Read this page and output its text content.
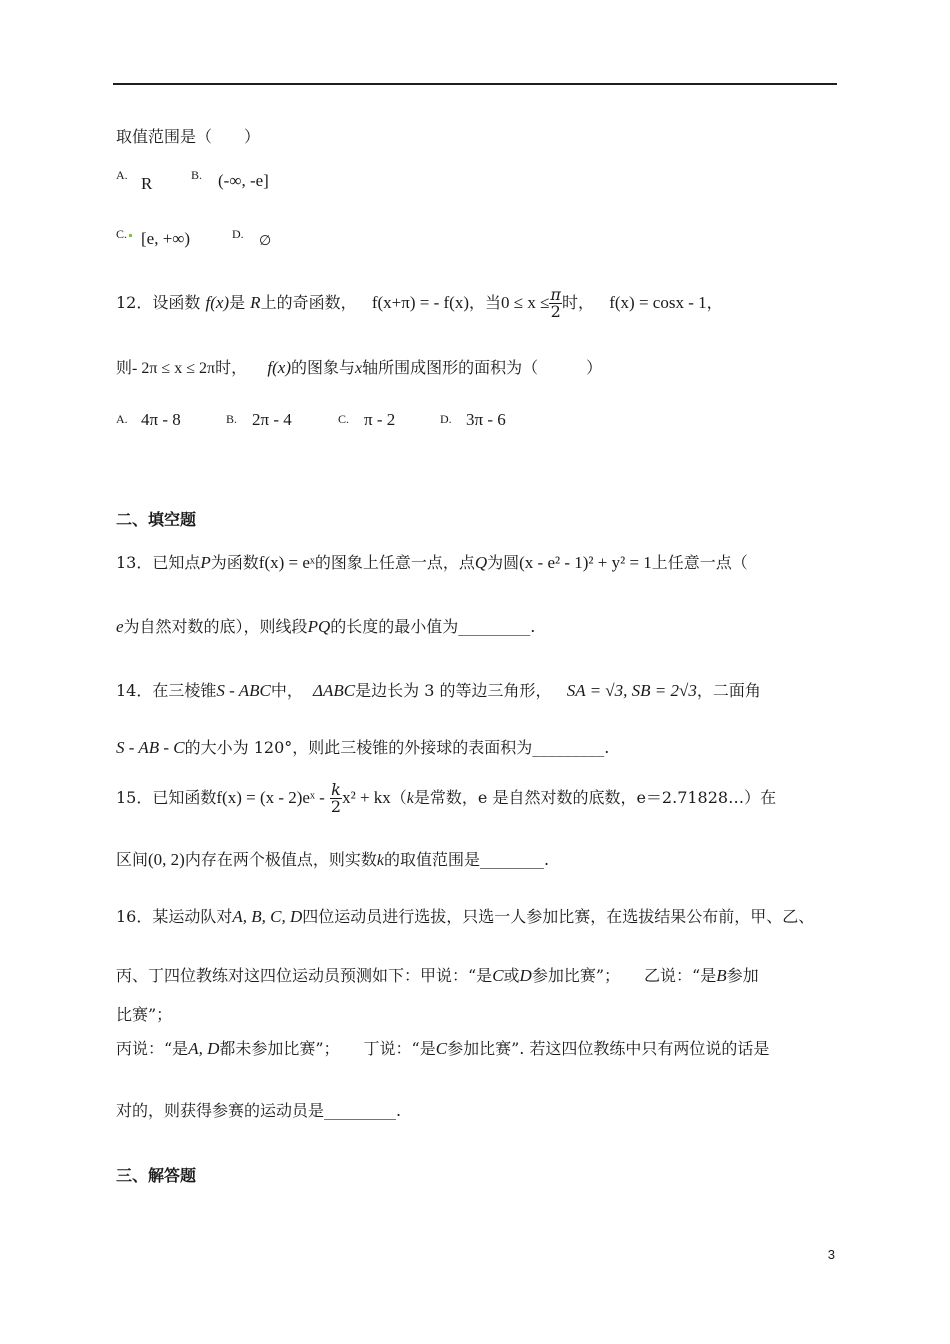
取值范围是（　　）
A. R	B. (-∞, -e]
C. [e, +∞)	D. ∅
12．设函数 f(x)是 R上的奇函数， f(x+π) = - f(x)，当$0 \le x \le \frac{\pi}{2}$ 时， f(x) = cosx - 1，
则- 2π ≤ x ≤ 2π时， f(x)的图象与x轴所围成图形的面积为（　　　）
A. 4π - 8	B. 2π - 4	C. π - 2	D. 3π - 6
二、填空题
13．已知点P为函数f(x) = eˣ的图象上任意一点，点Q为圆(x - e² - 1)² + y² = 1上任意一点（
e为自然对数的底），则线段PQ的长度的最小值为_________.
14．在三棱锥S - ABC中， ΔABC是边长为 3 的等边三角形， SA = √3, SB = 2√3，二面角
S - AB - C的大小为 120°，则此三棱锥的外接球的表面积为_________.
15．已知函数f(x) = (x - 2)eˣ - $\frac{k}{2} x^2 + kx(k$是常数，e 是自然对数的底数，e＝2.71828…）在
区间(0, 2)内存在两个极值点，则实数k的取值范围是________.
16．某运动队对A, B, C, D四位运动员进行选拔，只选一人参加比赛，在选拔结果公布前，甲、乙、
丙、丁四位教练对这四位运动员预测如下：甲说：“是C或D参加比赛”；　　乙说：“是B参加
比赛”；
丙说：“是A, D都未参加比赛”；　　丁说：“是C参加比赛”. 若这四位教练中只有两位说的话是
对的，则获得参赛的运动员是_________.
三、解答题
3
